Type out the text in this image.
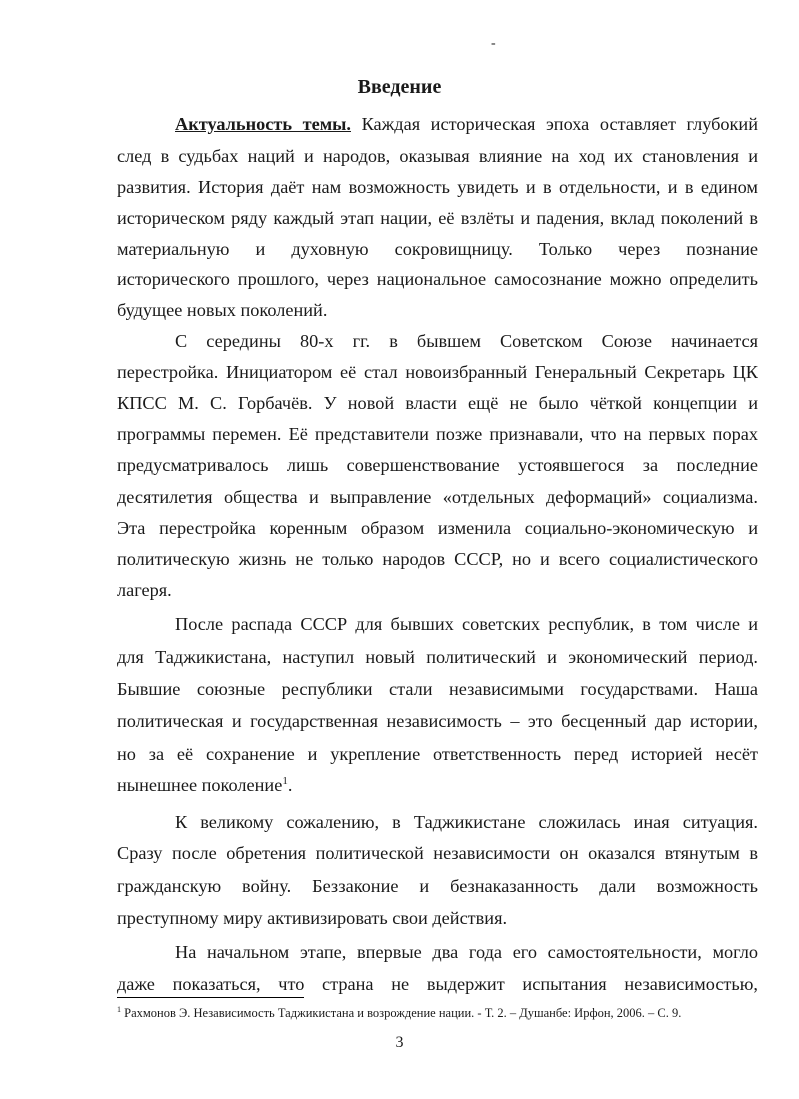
-
Введение
Актуальность темы. Каждая историческая эпоха оставляет глубокий
след в судьбах наций и народов, оказывая влияние на ход их становления и
развития. История даёт нам возможность увидеть и в отдельности, и в едином
историческом ряду каждый этап нации, её взлёты и падения, вклад поколений в
материальную и духовную сокровищницу. Только через познание
исторического прошлого, через национальное самосознание можно определить
будущее новых поколений.
С середины 80-х гг. в бывшем Советском Союзе начинается
перестройка. Инициатором её стал новоизбранный Генеральный Секретарь ЦК
КПСС М. С. Горбачёв. У новой власти ещё не было чёткой концепции и
программы перемен. Её представители позже признавали, что на первых порах
предусматривалось лишь совершенствование устоявшегося за последние
десятилетия общества и выправление «отдельных деформаций» социализма.
Эта перестройка коренным образом изменила социально-экономическую и
политическую жизнь не только народов СССР, но и всего социалистического
лагеря.
После распада СССР для бывших советских республик, в том числе и
для Таджикистана, наступил новый политический и экономический период.
Бывшие союзные республики стали независимыми государствами. Наша
политическая и государственная независимость – это бесценный дар истории,
но за её сохранение и укрепление ответственность перед историей несёт
нынешнее поколение$^1$.
К великому сожалению, в Таджикистане сложилась иная ситуация.
Сразу после обретения политической независимости он оказался втянутым в
гражданскую войну. Беззаконие и безнаказанность дали возможность
преступному миру активизировать свои действия.
На начальном этапе, впервые два года его самостоятельности, могло
даже показаться, что страна не выдержит испытания независимостью,
$^1$ Рахмонов Э. Независимость Таджикистана и возрождение нации. - Т. 2. – Душанбе: Ирфон, 2006. – С. 9.
3
